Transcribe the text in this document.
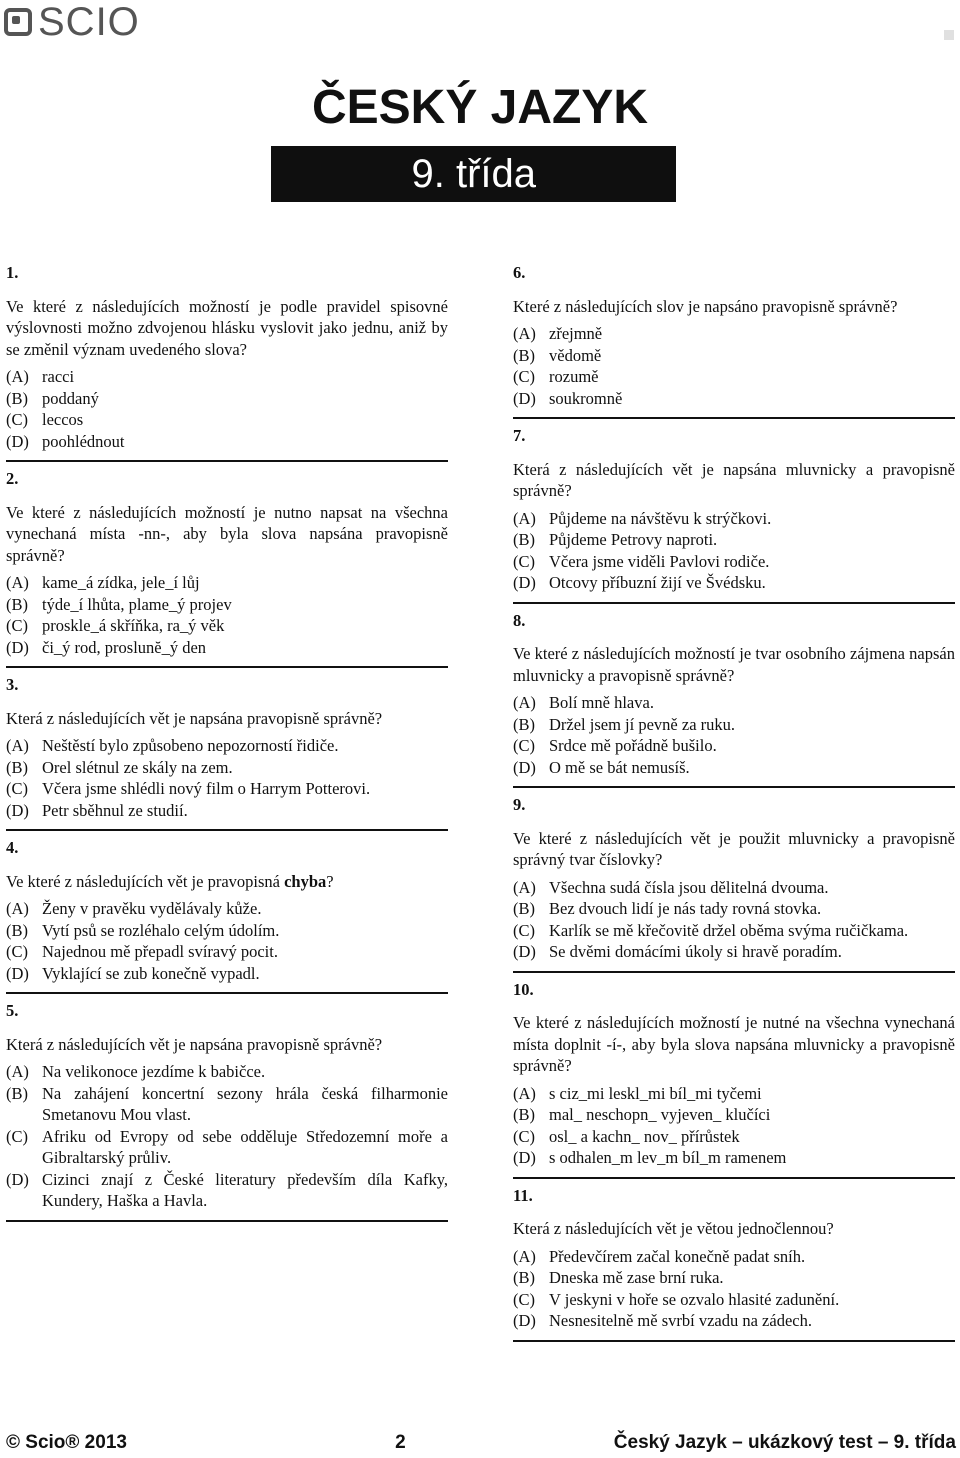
SCIO
ČESKÝ JAZYK
9. třída
1.
Ve které z následujících možností je podle pravidel spisovné výslovnosti možno zdvojenou hlásku vyslovit jako jednu, aniž by se změnil význam uvedeného slova?
(A) racci
(B) poddaný
(C) leccos
(D) poohlédnout
2.
Ve které z následujících možností je nutno napsat na všechna vynechaná místa -nn-, aby byla slova napsána pravopisně správně?
(A) kame_á zídka, jele_í lůj
(B) týde_í lhůta, plame_ý projev
(C) proskle_á skříňka, ra_ý věk
(D) či_ý rod, proslunĕ_ý den
3.
Která z následujících vět je napsána pravopisně správně?
(A) Neštěstí bylo způsobeno nepozorností řidiče.
(B) Orel slétnul ze skály na zem.
(C) Včera jsme shlédli nový film o Harrym Potterovi.
(D) Petr sběhnul ze studií.
4.
Ve které z následujících vět je pravopisná chyba?
(A) Ženy v pravěku vydělávaly kůže.
(B) Vytí psů se rozléhalo celým údolím.
(C) Najednou mě přepadl svíravý pocit.
(D) Vyklající se zub konečně vypadl.
5.
Která z následujících vět je napsána pravopisně správně?
(A) Na velikonoce jezdíme k babičce.
(B) Na zahájení koncertní sezony hrála česká filharmonie Smetanovu Mou vlast.
(C) Afriku od Evropy od sebe odděluje Středozemní moře a Gibraltarský průliv.
(D) Cizinci znají z České literatury především díla Kafky, Kundery, Haška a Havla.
6.
Které z následujících slov je napsáno pravopisně správně?
(A) zřejmně
(B) vědomě
(C) rozumě
(D) soukromně
7.
Která z následujících vět je napsána mluvnicky a pravopisně správně?
(A) Půjdeme na návštěvu k strýčkovi.
(B) Půjdeme Petrovy naproti.
(C) Včera jsme viděli Pavlovi rodiče.
(D) Otcovy příbuzní žijí ve Švédsku.
8.
Ve které z následujících možností je tvar osobního zájmena napsán mluvnicky a pravopisně správně?
(A) Bolí mně hlava.
(B) Držel jsem jí pevně za ruku.
(C) Srdce mě pořádně bušilo.
(D) O mě se bát nemusíš.
9.
Ve které z následujících vět je použit mluvnicky a pravopisně správný tvar číslovky?
(A) Všechna sudá čísla jsou dělitelná dvouma.
(B) Bez dvouch lidí je nás tady rovná stovka.
(C) Karlík se mě křečovitě držel oběma svýma ručičkama.
(D) Se dvěmi domácími úkoly si hravě poradím.
10.
Ve které z následujících možností je nutné na všechna vynechaná místa doplnit -í-, aby byla slova napsána mluvnicky a pravopisně správně?
(A) s ciz_mi leskl_mi bíl_mi tyčemi
(B) mal_ neschopn_ vyjeven_ klučíci
(C) osl_ a kachn_ nov_ přírůstek
(D) s odhalen_m lev_m bíl_m ramenem
11.
Která z následujících vět je větou jednočlennou?
(A) Předevčírem začal konečně padat sníh.
(B) Dneska mě zase brní ruka.
(C) V jeskyni v hoře se ozvalo hlasité zadunění.
(D) Nesnesitelně mě svrbí vzadu na zádech.
© Scio® 2013	2	Český Jazyk – ukázkový test – 9. třída
